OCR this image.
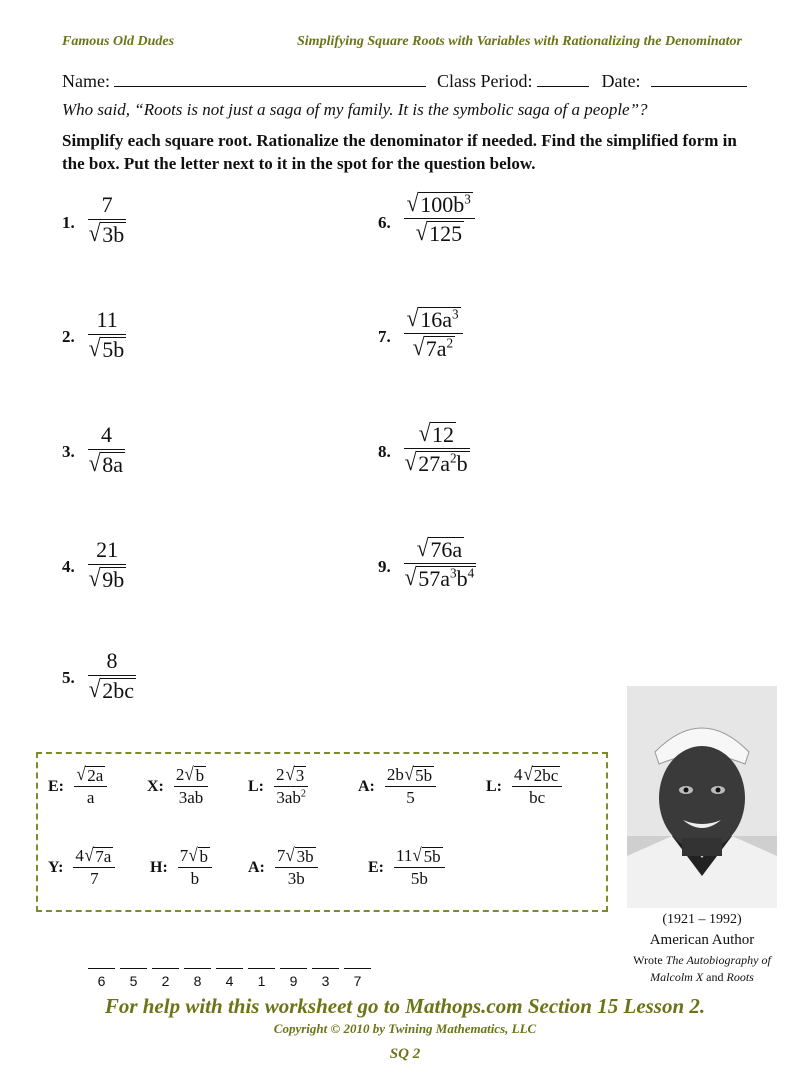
Famous Old Dudes	Simplifying Square Roots with Variables with Rationalizing the Denominator
Name:	Class Period:	Date:
Who said, “Roots is not just a saga of my family. It is the symbolic saga of a people”?
Simplify each square root. Rationalize the denominator if needed. Find the simplified form in the box. Put the letter next to it in the spot for the question below.
1.
7
√ 3b
2.
11
√ 5b
3.
4
√ 8a
4.
21
√ 9b
5.
8
√ 2bc
6.
√ $100b^3$
√ 125
7.
√ $16a^3$
√ $7a^2$
8.
√ 12
√ $27a^2b$
9.
√ 76a
√ $57a^3b^4$
E: $\frac{√ 2a}{a} X$: $\frac{2 √ b}{3ab} L$: $\frac{2 √ 3}{3ab^2}$	A: $\frac{2b √ 5b}{5}$	L: $\frac{4 √ 2bc}{bc}$
Y: $\frac{4 √ 7a}{7} H$: $\frac{7 √ b}{b} A$: $\frac{7 √ 3b}{3b}$	E: $\frac{11 √ 5b}{5b}$
(1921 – 1992)
American Author
Wrote The Autobiography of
Malcolm X and Roots
6	5	2	8	4	1	9	3	7
For help with this worksheet go to Mathops.com Section 15 Lesson 2.
Copyright © 2010 by Twining Mathematics, LLC
SQ 2
